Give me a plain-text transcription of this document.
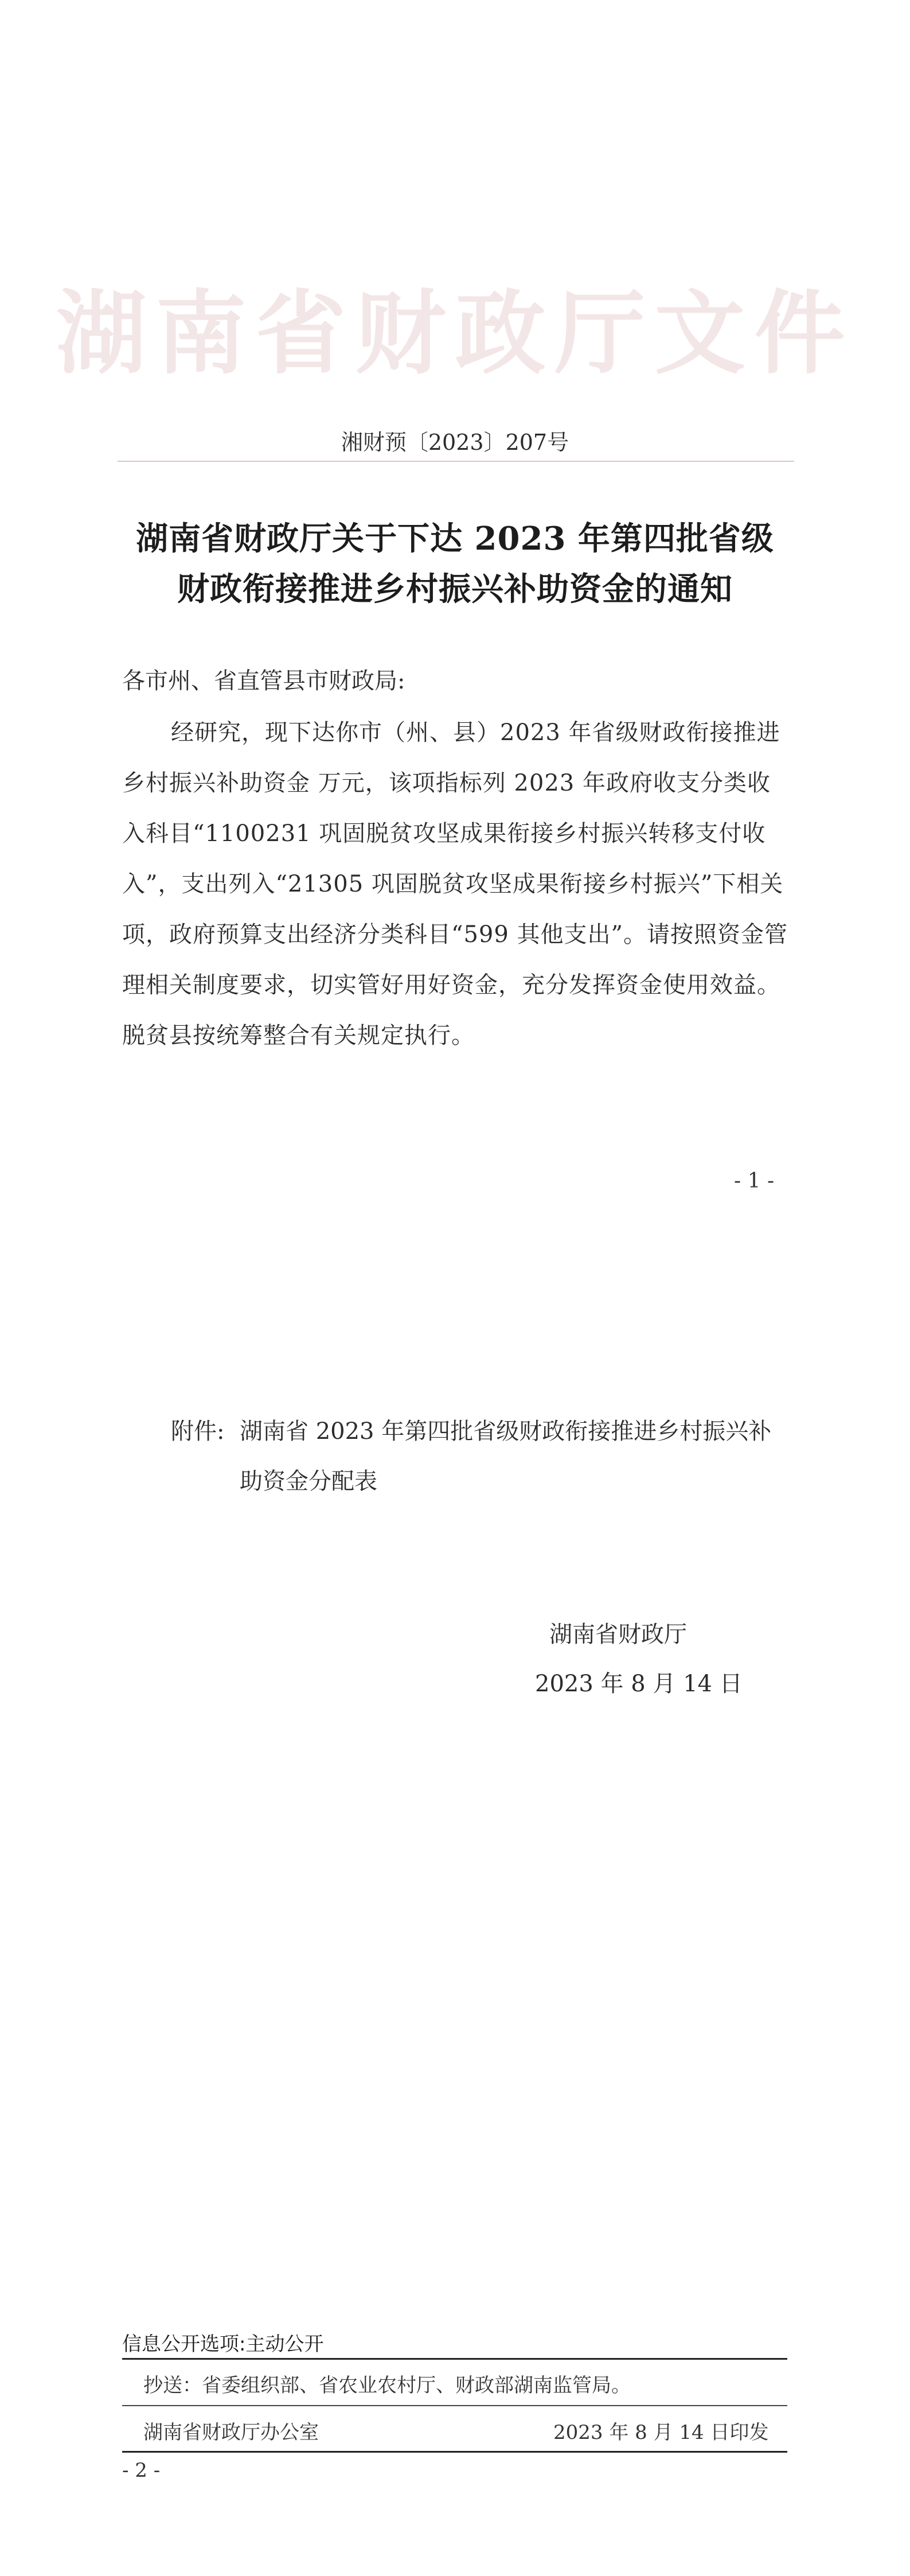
湖南省财政厅文件
湘财预〔2023〕207号
湖南省财政厅关于下达 2023 年第四批省级
财政衔接推进乡村振兴补助资金的通知
各市州、省直管县市财政局:
经研究，现下达你市（州、县）2023 年省级财政衔接推进
乡村振兴补助资金 万元，该项指标列 2023 年政府收支分类收
入科目“1100231 巩固脱贫攻坚成果衔接乡村振兴转移支付收
入”，支出列入“21305 巩固脱贫攻坚成果衔接乡村振兴”下相关
项，政府预算支出经济分类科目“599 其他支出”。请按照资金管
理相关制度要求，切实管好用好资金，充分发挥资金使用效益。
脱贫县按统筹整合有关规定执行。
- 1 -
附件: 湖南省 2023 年第四批省级财政衔接推进乡村振兴补
助资金分配表
湖南省财政厅
2023 年 8 月 14 日
信息公开选项:主动公开
抄送：省委组织部、省农业农村厅、财政部湖南监管局。
湖南省财政厅办公室	2023 年 8 月 14 日印发
- 2 -
